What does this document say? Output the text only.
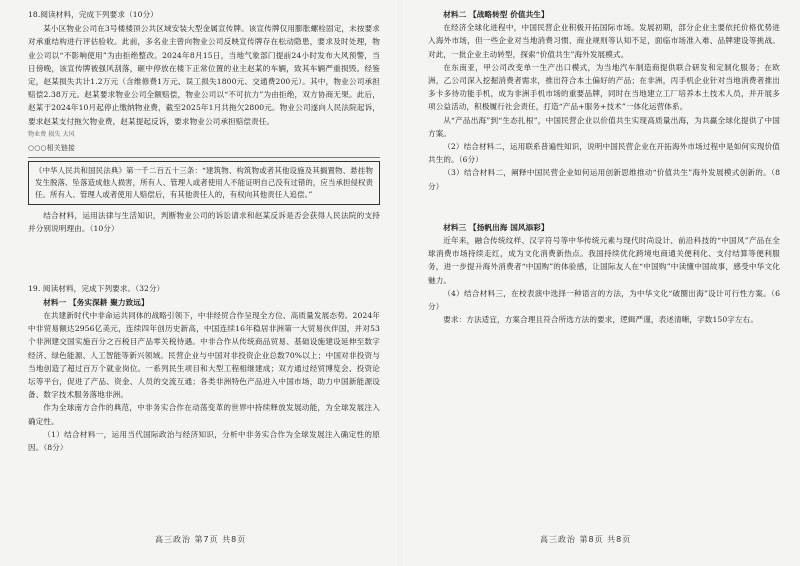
18.阅读材料，完成下列要求（10分）

某小区物业公司在3号楼楼顶公共区域安装大型金属宣传牌。该宣传牌仅用膨胀螺栓固定，未按要求对承重结构进行评估验收。此前，多名业主曾向物业公司反映宣传牌存在松动隐患，要求及时处理，物业公司以“不影响使用”为由拒绝整改。2024年8月15日，当地气象部门提前24小时发布大风预警，当日傍晚，该宣传牌被强风刮落，砸中停放在楼下正常位置的业主赵某的车辆，致其车辆严重损毁。经鉴定，赵某损失共计1.2万元（含维修费1万元、误工损失1800元、交通费200元）。其中，物业公司承担赔偿2.38万元。赵某要求物业公司全额赔偿，物业公司以“不可抗力”为由拒绝，双方协商无果。此后，赵某于2024年10月起停止缴纳物业费，截至2025年1月共拖欠2800元。物业公司遂向人民法院起诉，要求赵某支付拖欠物业费，赵某提起反诉，要求物业公司承担赔偿责任。

物业费 损失 大风
○○○相关链接

《中华人民共和国民法典》第一千二百五十三条：“建筑物、构筑物或者其他设施及其搁置物、悬挂物发生脱落、坠落造成他人损害，所有人、管理人或者使用人不能证明自己没有过错的，应当承担侵权责任。所有人、管理人或者使用人赔偿后，有其他责任人的，有权向其他责任人追偿。”

结合材料，运用法律与生活知识，判断物业公司的诉讼请求和赵某反诉是否会获得人民法院的支持并分别说明理由。（10分）

19. 阅读材料，完成下列要求。（32分）

材料一 【务实深耕 聚力致远】

在共建新时代中非命运共同体的战略引领下，中非经贸合作呈现全方位、高质量发展态势。2024年中非贸易额达2956亿美元，连续四年创历史新高，中国连续16年稳居非洲第一大贸易伙伴国，并对53个非洲建交国实施百分之百税目产品零关税待遇。中非合作从传统商品贸易、基础设施建设延伸至数字经济、绿色能源、人工智能等新兴领域。民营企业与中国对非投资企业总数70%以上；中国对非投资与当地创造了超过百万个就业岗位。一系列民生项目和大型工程相继建成；双方通过经贸博览会、投资论坛等平台，促进了产品、资金、人员的交流互通；各类非洲特色产品进入中国市场，助力中国新能源设备、数字技术服务落地非洲。

作为全球南方合作的典范，中非务实合作在动荡变革的世界中持续释放发展动能，为全球发展注入确定性。

（1）结合材料一，运用当代国际政治与经济知识，分析中非务实合作为全球发展注入确定性的原因。（8分）

材料二 【战略转型 价值共生】

在经济全球化进程中，中国民营企业积极开拓国际市场。发展初期，部分企业主要依托价格优势进入海外市场，但一些企业对当地消费习惯、商业规则等认知不足，面临市场准入难、品牌建设等挑战。对此，一批企业主动转型，探索“价值共生”海外发展模式。

在东南亚，甲公司改变单一生产出口模式，为当地汽车制造商提供联合研发和定制化服务；在欧洲，乙公司深入挖掘消费者需求，推出符合本土偏好的产品；在非洲，丙手机企业针对当地消费者推出多卡多待功能手机，成为非洲手机市场的重要品牌，同时在当地建立工厂培养本土技术人员，并开展多项公益活动，积极履行社会责任，打造“产品+服务+技术”一体化运营体系。

从“产品出海”到“生态扎根”，中国民营企业以价值共生实现高质量出海，为共赢全球化提供了中国方案。

（2）结合材料二，运用联系普遍性知识，说明中国民营企业在开拓海外市场过程中是如何实现价值共生的。（6分）

（3）结合材料二，阐释中国民营企业如何运用创新思维推动“价值共生”海外发展模式创新的。（8分）

材料三 【扬帆出海 国风添彩】

近年来，融合传统纹样、汉字符号等中华传统元素与现代时尚设计、前沿科技的“中国风”产品在全球消费市场持续走红，成为文化消费新热点。我国持续优化跨境电商通关便利化、支付结算等便利服务，进一步提升海外消费者“中国购”的体验感，让国际友人在“中国购”中读懂中国故事，感受中华文化魅力。

（4）结合材料三，在校表演中选择一种语言的方法，为中华文化“破圈出海”设计可行性方案。（6分）

要求：方法适宜，方案合理且符合所选方法的要求，逻辑严谨，表述清晰，字数150字左右。

高三政治 第7页 共8页	高三政治 第8页 共8页
